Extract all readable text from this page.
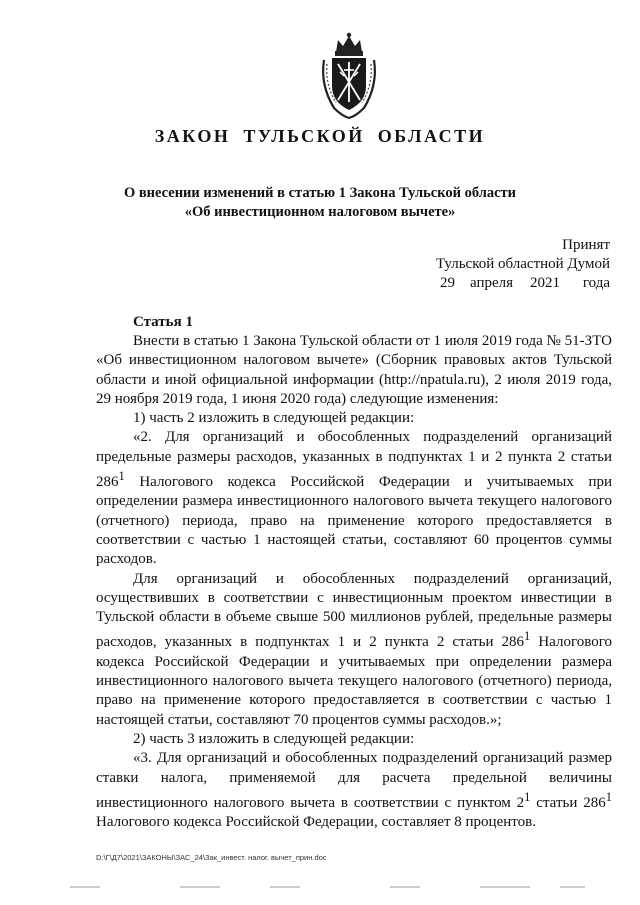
ЗАКОН ТУЛЬСКОЙ ОБЛАСТИ
О внесении изменений в статью 1 Закона Тульской области
«Об инвестиционном налоговом вычете»
Принят
Тульской областной Думой
29 апреля 2021 года
Статья 1

Внести в статью 1 Закона Тульской области от 1 июля 2019 года № 51-ЗТО «Об инвестиционном налоговом вычете» (Сборник правовых актов Тульской области и иной официальной информации (http://npatula.ru), 2 июля 2019 года, 29 ноября 2019 года, 1 июня 2020 года) следующие изменения:

1) часть 2 изложить в следующей редакции:

«2. Для организаций и обособленных подразделений организаций предельные размеры расходов, указанных в подпунктах 1 и 2 пункта 2 статьи $286^1$ Налогового кодекса Российской Федерации и учитываемых при определении размера инвестиционного налогового вычета текущего налогового (отчетного) периода, право на применение которого предоставляется в соответствии с частью 1 настоящей статьи, составляют 60 процентов суммы расходов.

Для организаций и обособленных подразделений организаций, осуществивших в соответствии с инвестиционным проектом инвестиции в Тульской области в объеме свыше 500 миллионов рублей, предельные размеры расходов, указанных в подпунктах 1 и 2 пункта 2 статьи $286^1$ Налогового кодекса Российской Федерации и учитываемых при определении размера инвестиционного налогового вычета текущего налогового (отчетного) периода, право на применение которого предоставляется в соответствии с частью 1 настоящей статьи, составляют 70 процентов суммы расходов.»;

2) часть 3 изложить в следующей редакции:

«3. Для организаций и обособленных подразделений организаций размер ставки налога, применяемой для расчета предельной величины инвестиционного налогового вычета в соответствии с пунктом $2^1$ статьи $286^1$ Налогового кодекса Российской Федерации, составляет 8 процентов.

D:\Г\Д7\2021\ЗАКОНЫ\ЗАС_24\Зак_инвест. налог. вычет_прин.doc
